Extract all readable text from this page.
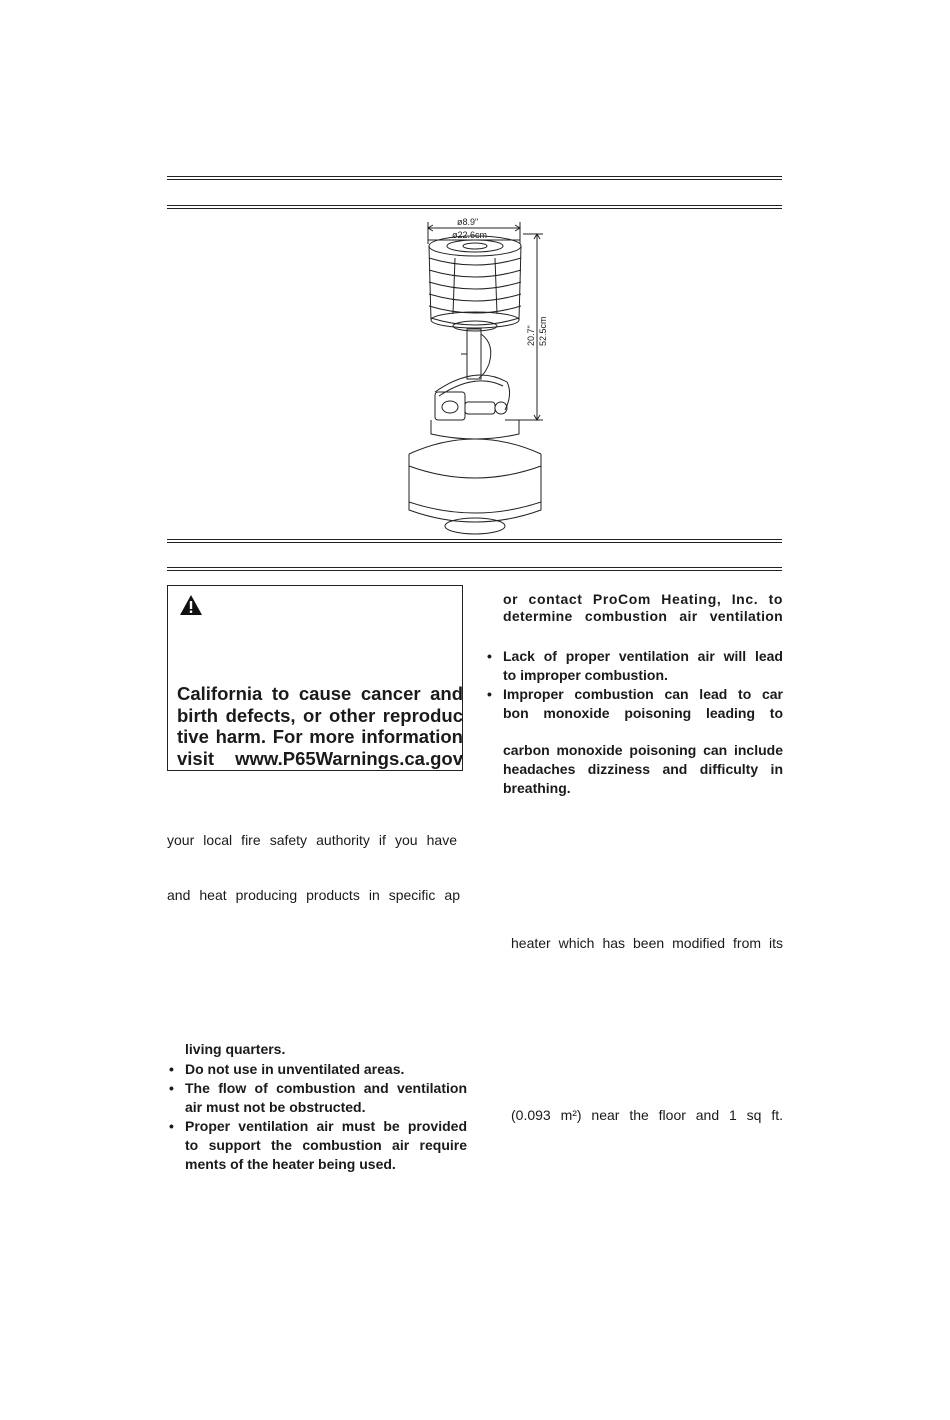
ø8.9"
ø22.6cm
20.7" 52.5cm
California to cause cancer and
birth defects, or other reproduc
tive harm. For more information
visit www.P65Warnings.ca.gov
or contact ProCom Heating, Inc. to
determine combustion air ventilation
• Lack of proper ventilation air will lead
to improper combustion.
• Improper combustion can lead to car
bon monoxide poisoning leading to
carbon monoxide poisoning can include
headaches dizziness and difficulty in
breathing.
heater which has been modified from its
(0.093 m²) near the floor and 1 sq ft.
your local fire safety authority if you have
and heat producing products in specific ap
living quarters.
• Do not use in unventilated areas.
• The flow of combustion and ventilation
air must not be obstructed.
• Proper ventilation air must be provided
to support the combustion air require
ments of the heater being used.
